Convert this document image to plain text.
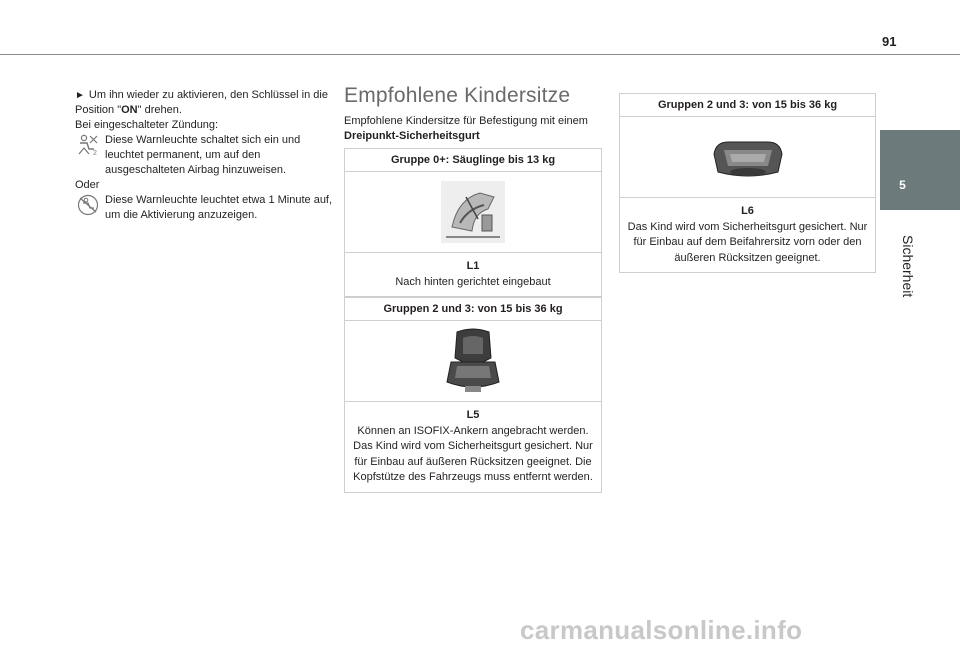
91
5
Sicherheit

► Um ihn wieder zu aktivieren, den Schlüssel in die Position "ON" drehen.

Bei eingeschalteter Zündung:

2
Diese Warnleuchte schaltet sich ein und leuchtet permanent, um auf den ausgeschalteten Airbag hinzuweisen.

Oder

Diese Warnleuchte leuchtet etwa 1 Minute auf, um die Aktivierung anzuzeigen.
Empfohlene Kindersitze
Empfohlene Kindersitze für Befestigung mit einem
Dreipunkt-Sicherheitsgurt
Gruppe 0+: Säuglinge bis 13 kg
L1
Nach hinten gerichtet eingebaut
Gruppen 2 und 3: von 15 bis 36 kg
L5
Können an ISOFIX-Ankern angebracht werden. Das Kind wird vom Sicherheitsgurt gesichert. Nur für Einbau auf äußeren Rücksitzen geeignet. Die Kopfstütze des Fahrzeugs muss entfernt werden.
Gruppen 2 und 3: von 15 bis 36 kg
L6
Das Kind wird vom Sicherheitsgurt gesichert. Nur für Einbau auf dem Beifahrersitz vorn oder den äußeren Rücksitzen geeignet.
carmanualsonline.info
